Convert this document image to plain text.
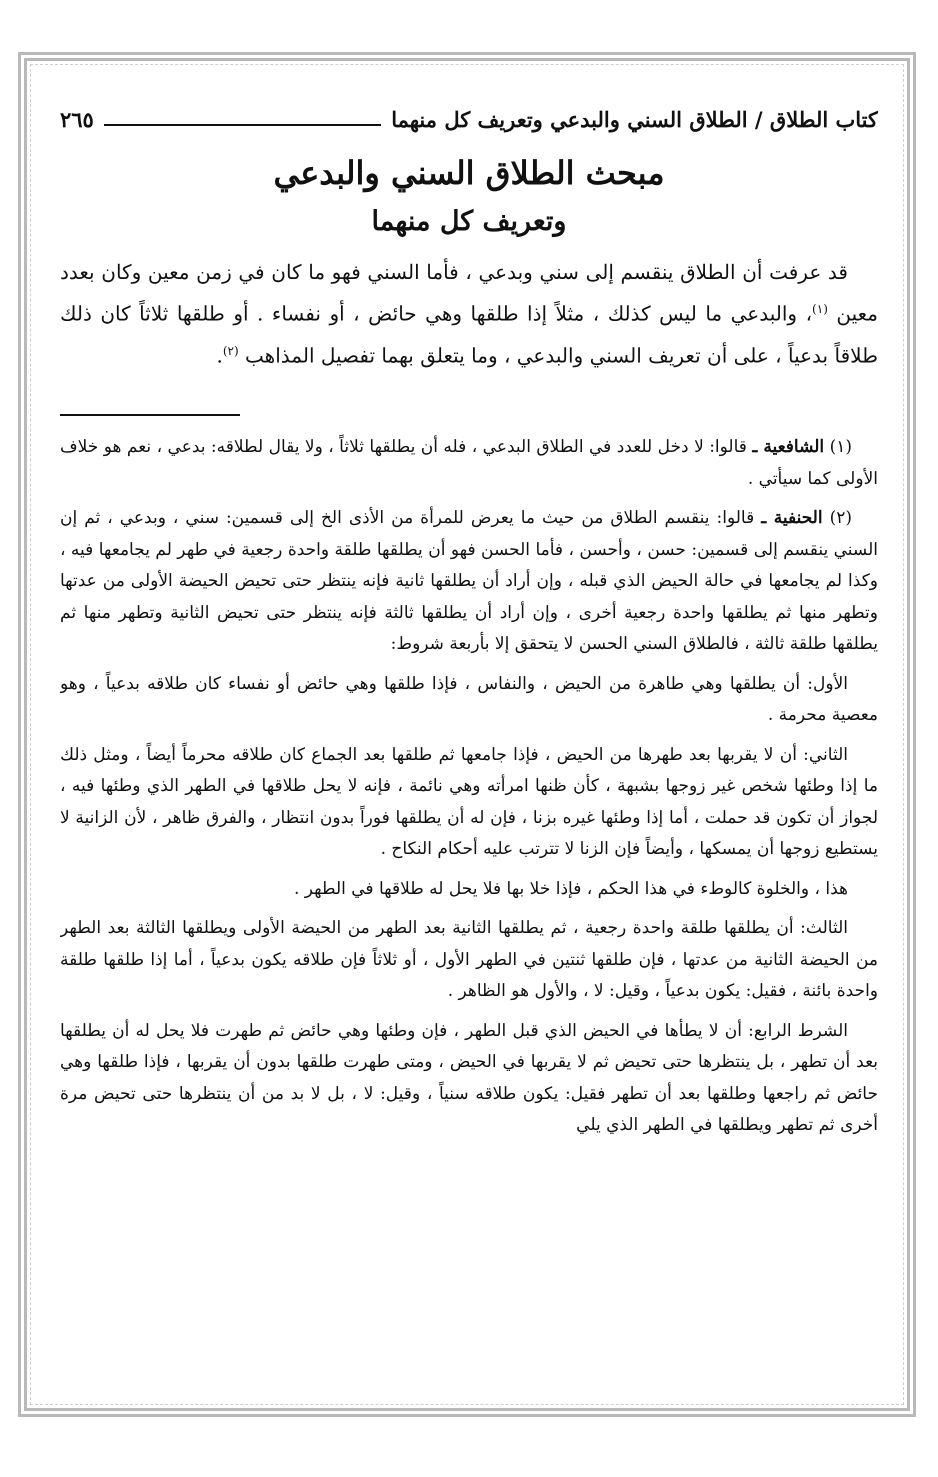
كتاب الطلاق / الطلاق السني والبدعي وتعريف كل منهما
٢٦٥
مبحث الطلاق السني والبدعي
وتعريف كل منهما

قد عرفت أن الطلاق ينقسم إلى سني وبدعي ، فأما السني فهو ما كان في زمن معين وكان بعدد معين $^{(١)}$، والبدعي ما ليس كذلك ، مثلاً إذا طلقها وهي حائض ، أو نفساء . أو طلقها ثلاثاً كان ذلك طلاقاً بدعياً ، على أن تعريف السني والبدعي ، وما يتعلق بهما تفصيل المذاهب $^{(٢)}$.

(١) الشافعية ـ قالوا: لا دخل للعدد في الطلاق البدعي ، فله أن يطلقها ثلاثاً ، ولا يقال لطلاقه: بدعي ، نعم هو خلاف الأولى كما سيأتي .

(٢) الحنفية ـ قالوا: ينقسم الطلاق من حيث ما يعرض للمرأة من الأذى الخ إلى قسمين: سني ، وبدعي ، ثم إن السني ينقسم إلى قسمين: حسن ، وأحسن ، فأما الحسن فهو أن يطلقها طلقة واحدة رجعية في طهر لم يجامعها فيه ، وكذا لم يجامعها في حالة الحيض الذي قبله ، وإن أراد أن يطلقها ثانية فإنه ينتظر حتى تحيض الحيضة الأولى من عدتها وتطهر منها ثم يطلقها واحدة رجعية أخرى ، وإن أراد أن يطلقها ثالثة فإنه ينتظر حتى تحيض الثانية وتطهر منها ثم يطلقها طلقة ثالثة ، فالطلاق السني الحسن لا يتحقق إلا بأربعة شروط:

الأول: أن يطلقها وهي طاهرة من الحيض ، والنفاس ، فإذا طلقها وهي حائض أو نفساء كان طلاقه بدعياً ، وهو معصية محرمة .

الثاني: أن لا يقربها بعد طهرها من الحيض ، فإذا جامعها ثم طلقها بعد الجماع كان طلاقه محرماً أيضاً ، ومثل ذلك ما إذا وطئها شخص غير زوجها بشبهة ، كأن ظنها امرأته وهي نائمة ، فإنه لا يحل طلاقها في الطهر الذي وطئها فيه ، لجواز أن تكون قد حملت ، أما إذا وطئها غيره بزنا ، فإن له أن يطلقها فوراً بدون انتظار ، والفرق ظاهر ، لأن الزانية لا يستطيع زوجها أن يمسكها ، وأيضاً فإن الزنا لا تترتب عليه أحكام النكاح .

هذا ، والخلوة كالوطء في هذا الحكم ، فإذا خلا بها فلا يحل له طلاقها في الطهر .

الثالث: أن يطلقها طلقة واحدة رجعية ، ثم يطلقها الثانية بعد الطهر من الحيضة الأولى ويطلقها الثالثة بعد الطهر من الحيضة الثانية من عدتها ، فإن طلقها ثنتين في الطهر الأول ، أو ثلاثاً فإن طلاقه يكون بدعياً ، أما إذا طلقها طلقة واحدة بائنة ، فقيل: يكون بدعياً ، وقيل: لا ، والأول هو الظاهر .

الشرط الرابع: أن لا يطأها في الحيض الذي قبل الطهر ، فإن وطئها وهي حائض ثم طهرت فلا يحل له أن يطلقها بعد أن تطهر ، بل ينتظرها حتى تحيض ثم لا يقربها في الحيض ، ومتى طهرت طلقها بدون أن يقربها ، فإذا طلقها وهي حائض ثم راجعها وطلقها بعد أن تطهر فقيل: يكون طلاقه سنياً ، وقيل: لا ، بل لا بد من أن ينتظرها حتى تحيض مرة أخرى ثم تطهر ويطلقها في الطهر الذي يلي
